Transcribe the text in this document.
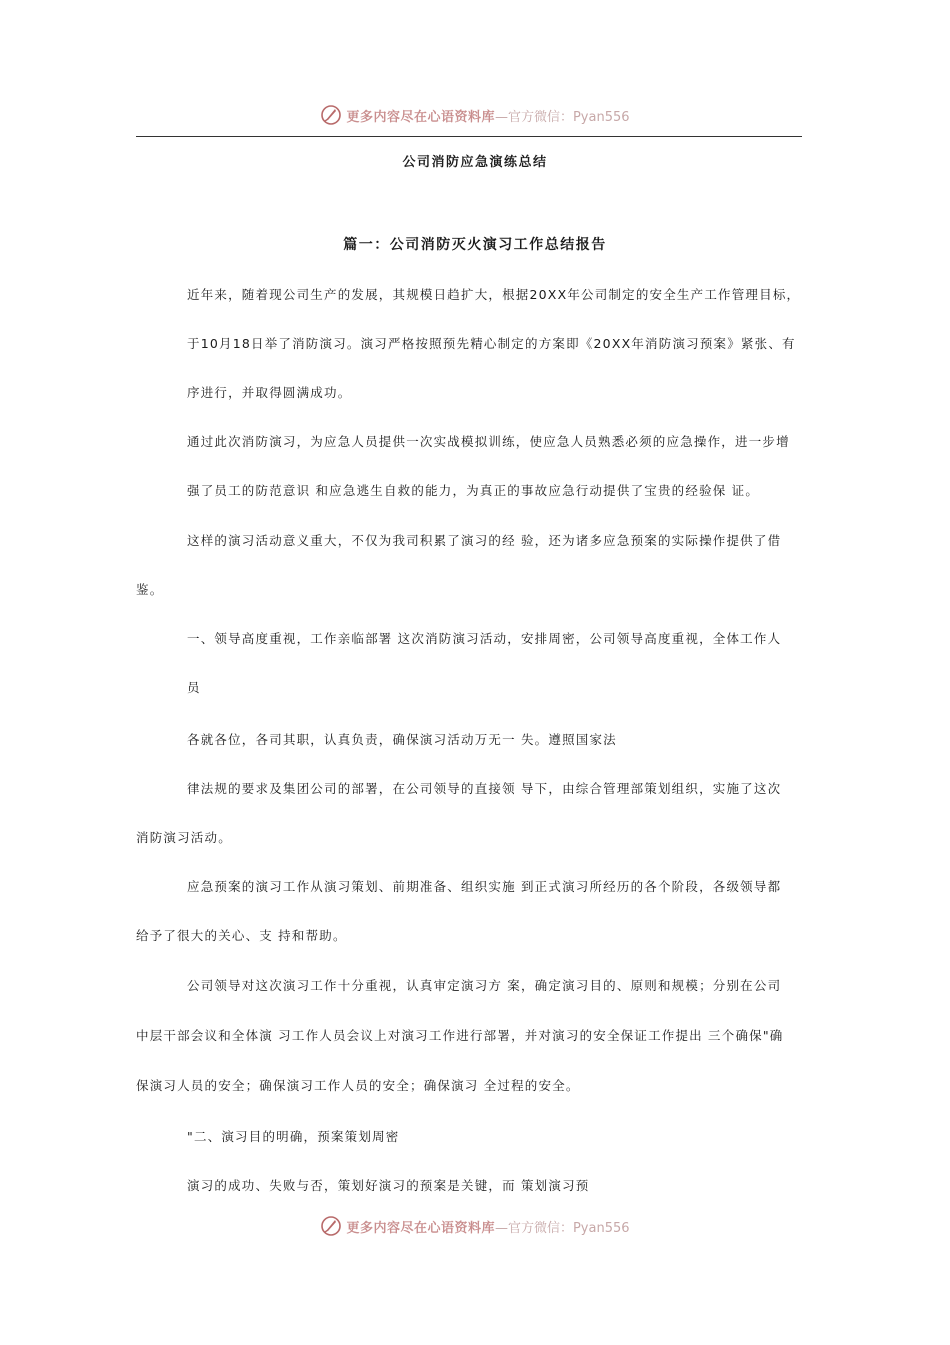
更多内容尽在心语资料库 —官方微信：Pyan556
公司消防应急演练总结
篇一：公司消防灭火演习工作总结报告
近年来，随着现公司生产的发展，其规模日趋扩大，根据20XX年公司制定的安全生产工作管理目标，
于10月18日举了消防演习。演习严格按照预先精心制定的方案即《20XX年消防演习预案》紧张、有
序进行，并取得圆满成功。
通过此次消防演习，为应急人员提供一次实战模拟训练，使应急人员熟悉必须的应急操作，进一步增
强了员工的防范意识 和应急逃生自救的能力，为真正的事故应急行动提供了宝贵的经验保 证。
这样的演习活动意义重大，不仅为我司积累了演习的经 验，还为诸多应急预案的实际操作提供了借
鉴。
一、领导高度重视，工作亲临部署 这次消防演习活动，安排周密，公司领导高度重视，全体工作人
员
各就各位，各司其职，认真负责，确保演习活动万无一 失。遵照国家法
律法规的要求及集团公司的部署，在公司领导的直接领 导下，由综合管理部策划组织，实施了这次
消防演习活动。
应急预案的演习工作从演习策划、前期准备、组织实施 到正式演习所经历的各个阶段，各级领导都
给予了很大的关心、支 持和帮助。
公司领导对这次演习工作十分重视，认真审定演习方 案，确定演习目的、原则和规模；分别在公司
中层干部会议和全体演 习工作人员会议上对演习工作进行部署，并对演习的安全保证工作提出 三个确保"确
保演习人员的安全；确保演习工作人员的安全；确保演习 全过程的安全。
"二、演习目的明确，预案策划周密
演习的成功、失败与否，策划好演习的预案是关键，而 策划演习预
更多内容尽在心语资料库 —官方微信：Pyan556
